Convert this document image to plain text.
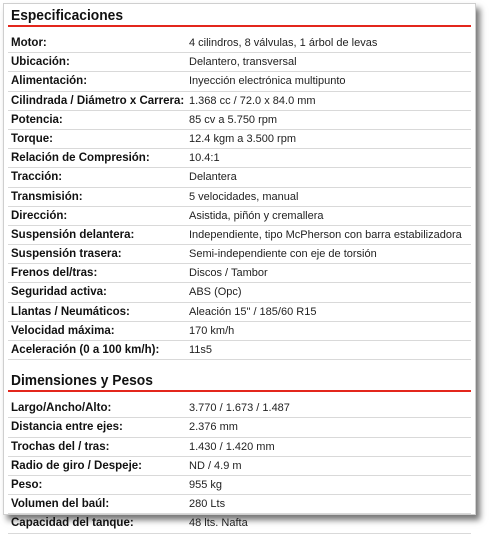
Especificaciones
Motor:	4 cilindros, 8 válvulas, 1 árbol de levas
Ubicación:	Delantero, transversal
Alimentación:	Inyección electrónica multipunto
Cilindrada / Diámetro x Carrera: 1.368 cc / 72.0 x 84.0 mm
Potencia:	85 cv a 5.750 rpm
Torque:	12.4 kgm a 3.500 rpm
Relación de Compresión:	10.4:1
Tracción:	Delantera
Transmisión:	5 velocidades, manual
Dirección:	Asistida, piñón y cremallera
Suspensión delantera:	Independiente, tipo McPherson con barra estabilizadora
Suspensión trasera:	Semi-independiente con eje de torsión
Frenos del/tras:	Discos / Tambor
Seguridad activa:	ABS (Opc)
Llantas / Neumáticos:	Aleación 15" / 185/60 R15
Velocidad máxima:	170 km/h
Aceleración (0 a 100 km/h):	11s5
Dimensiones y Pesos
Largo/Ancho/Alto:	3.770 / 1.673 / 1.487
Distancia entre ejes:	2.376 mm
Trochas del / tras:	1.430 / 1.420 mm
Radio de giro / Despeje:	ND / 4.9 m
Peso:	955 kg
Volumen del baúl:	280 Lts
Capacidad del tanque:	48 lts. Nafta
